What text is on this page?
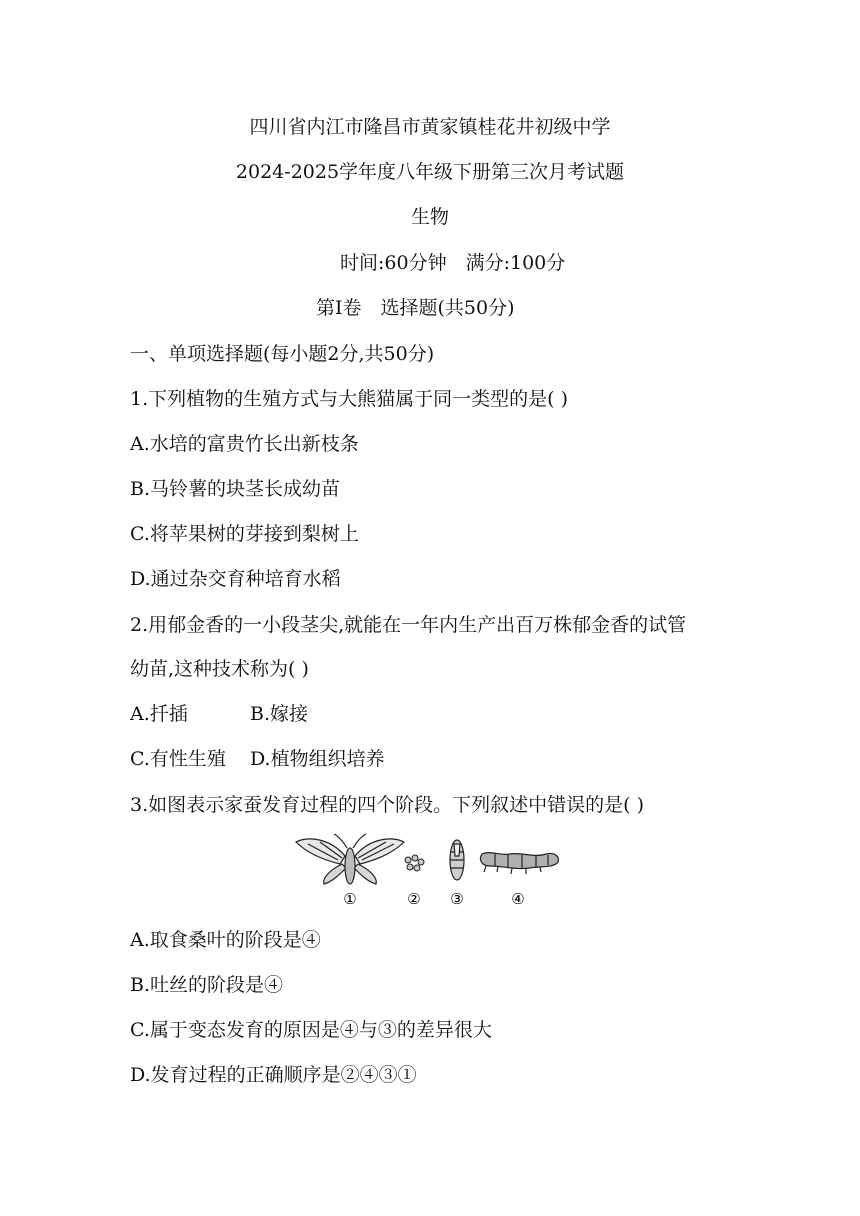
四川省内江市隆昌市黄家镇桂花井初级中学
2024-2025学年度八年级下册第三次月考试题
生物
时间:60分钟　满分:100分
第Ⅰ卷　选择题(共50分)
一、单项选择题(每小题2分,共50分)
1.下列植物的生殖方式与大熊猫属于同一类型的是( )
A.水培的富贵竹长出新枝条
B.马铃薯的块茎长成幼苗
C.将苹果树的芽接到梨树上
D.通过杂交育种培育水稻
2.用郁金香的一小段茎尖,就能在一年内生产出百万株郁金香的试管
幼苗,这种技术称为( )
A.扦插	B.嫁接
C.有性生殖 D.植物组织培养
3.如图表示家蚕发育过程的四个阶段。下列叙述中错误的是( )
①	② ③	④
A.取食桑叶的阶段是④
B.吐丝的阶段是④
C.属于变态发育的原因是④与③的差异很大
D.发育过程的正确顺序是②④③①
